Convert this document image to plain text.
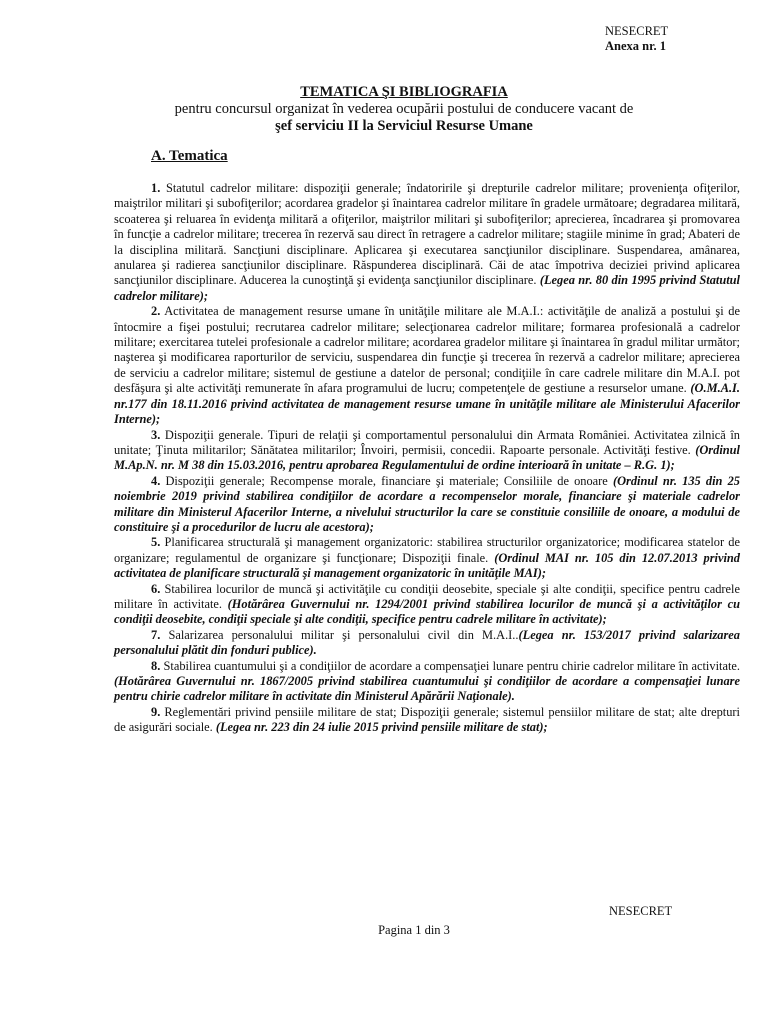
NESECRET
Anexa nr. 1
TEMATICA ŞI BIBLIOGRAFIA
pentru concursul organizat în vederea ocupării postului de conducere vacant de
şef serviciu II la Serviciul Resurse Umane
A. Tematica

1. Statutul cadrelor militare: dispoziţii generale; îndatoririle şi drepturile cadrelor militare; provenienţa ofiţerilor, maiştrilor militari şi subofiţerilor; acordarea gradelor şi înaintarea cadrelor militare în gradele următoare; degradarea militară, scoaterea şi reluarea în evidenţa militară a ofiţerilor, maiştrilor militari şi subofiţerilor; aprecierea, încadrarea şi promovarea în funcţie a cadrelor militare; trecerea în rezervă sau direct în retragere a cadrelor militare; stagiile minime în grad; Abateri de la disciplina militară. Sancţiuni disciplinare. Aplicarea şi executarea sancţiunilor disciplinare. Suspendarea, amânarea, anularea şi radierea sancţiunilor disciplinare. Răspunderea disciplinară. Căi de atac împotriva deciziei privind aplicarea sancţiunilor disciplinare. Aducerea la cunoştinţă şi evidenţa sancţiunilor disciplinare. (Legea nr. 80 din 1995 privind Statutul cadrelor militare);

2. Activitatea de management resurse umane în unităţile militare ale M.A.I.: activităţile de analiză a postului şi de întocmire a fişei postului; recrutarea cadrelor militare; selecţionarea cadrelor militare; formarea profesională a cadrelor militare; exercitarea tutelei profesionale a cadrelor militare; acordarea gradelor militare şi înaintarea în gradul militar următor; naşterea şi modificarea raporturilor de serviciu, suspendarea din funcţie şi trecerea în rezervă a cadrelor militare; aprecierea de serviciu a cadrelor militare; sistemul de gestiune a datelor de personal; condiţiile în care cadrele militare din M.A.I. pot desfăşura şi alte activităţi remunerate în afara programului de lucru; competenţele de gestiune a resurselor umane. (O.M.A.I. nr.177 din 18.11.2016 privind activitatea de management resurse umane în unităţile militare ale Ministerului Afacerilor Interne);

3. Dispoziţii generale. Tipuri de relaţii şi comportamentul personalului din Armata României. Activitatea zilnică în unitate; Ţinuta militarilor; Sănătatea militarilor; Învoiri, permisii, concedii. Rapoarte personale. Activităţi festive. (Ordinul M.Ap.N. nr. M 38 din 15.03.2016, pentru aprobarea Regulamentului de ordine interioară în unitate – R.G. 1);

4. Dispoziţii generale; Recompense morale, financiare şi materiale; Consiliile de onoare (Ordinul nr. 135 din 25 noiembrie 2019 privind stabilirea condiţiilor de acordare a recompenselor morale, financiare şi materiale cadrelor militare din Ministerul Afacerilor Interne, a nivelului structurilor la care se constituie consiliile de onoare, a modului de constituire şi a procedurilor de lucru ale acestora);

5. Planificarea structurală şi management organizatoric: stabilirea structurilor organizatorice; modificarea statelor de organizare; regulamentul de organizare şi funcţionare; Dispoziţii finale. (Ordinul MAI nr. 105 din 12.07.2013 privind activitatea de planificare structurală şi management organizatoric în unităţile MAI);

6. Stabilirea locurilor de muncă şi activităţile cu condiţii deosebite, speciale şi alte condiţii, specifice pentru cadrele militare în activitate. (Hotărârea Guvernului nr. 1294/2001 privind stabilirea locurilor de muncă şi a activităţilor cu condiţii deosebite, condiţii speciale şi alte condiţii, specifice pentru cadrele militare în activitate);

7. Salarizarea personalului militar şi personalului civil din M.A.I..(Legea nr. 153/2017 privind salarizarea personalului plătit din fonduri publice).

8. Stabilirea cuantumului şi a condiţiilor de acordare a compensaţiei lunare pentru chirie cadrelor militare în activitate. (Hotărârea Guvernului nr. 1867/2005 privind stabilirea cuantumului şi condiţiilor de acordare a compensaţiei lunare pentru chirie cadrelor militare în activitate din Ministerul Apărării Naţionale).

9. Reglementări privind pensiile militare de stat; Dispoziţii generale; sistemul pensiilor militare de stat; alte drepturi de asigurări sociale. (Legea nr. 223 din 24 iulie 2015 privind pensiile militare de stat);

NESECRET
Pagina 1 din 3
